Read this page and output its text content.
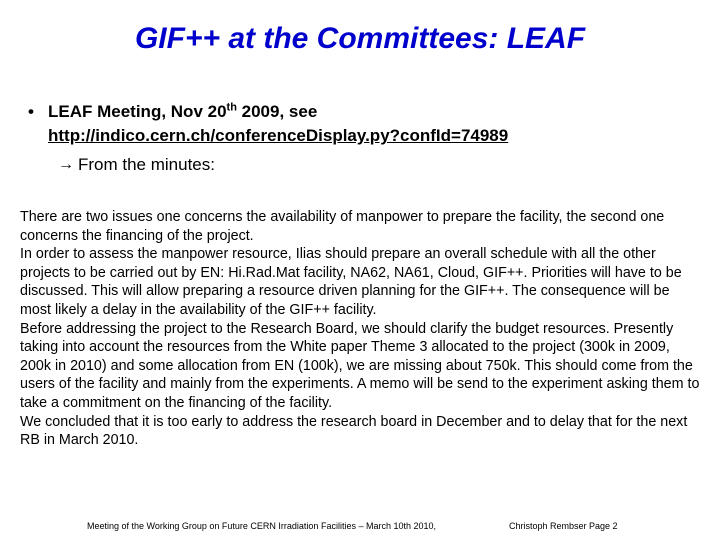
GIF++ at the Committees: LEAF
• LEAF Meeting, Nov 20th 2009, see
http://indico.cern.ch/conferenceDisplay.py?confId=74989
→ From the minutes:

There are two issues one concerns the availability of manpower to prepare the facility, the second one concerns the financing of the project.

In order to assess the manpower resource, Ilias should prepare an overall schedule with all the other projects to be carried out by EN: Hi.Rad.Mat facility, NA62, NA61, Cloud, GIF++. Priorities will have to be discussed. This will allow preparing a resource driven planning for the GIF++. The consequence will be most likely a delay in the availability of the GIF++ facility.

Before addressing the project to the Research Board, we should clarify the budget resources. Presently taking into account the resources from the White paper Theme 3 allocated to the project (300k in 2009, 200k in 2010) and some allocation from EN (100k), we are missing about 750k. This should come from the users of the facility and mainly from the experiments. A memo will be send to the experiment asking them to take a commitment on the financing of the facility.

We concluded that it is too early to address the research board in December and to delay that for the next RB in March 2010.

Meeting of the Working Group on Future CERN Irradiation Facilities – March 10th 2010,	Christoph Rembser Page 2
